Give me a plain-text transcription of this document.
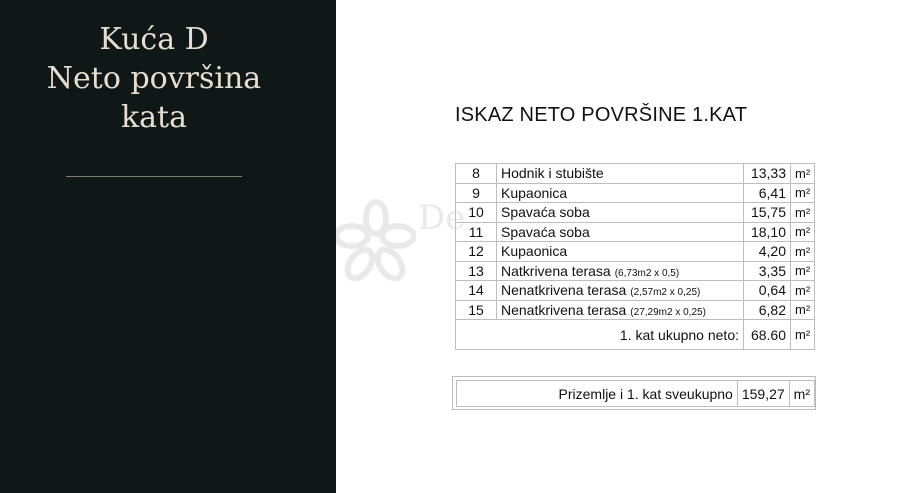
Kuća D
Neto površina
kata
De
ISKAZ NETO POVRŠINE 1.KAT
8	Hodnik i stubište	13,33	m²
9	Kupaonica	6,41	m²
10	Spavaća soba	15,75	m²
11	Spavaća soba	18,10	m²
12	Kupaonica	4,20	m²
13	Natkrivena terasa (6,73m2 x 0,5)	3,35	m²
14	Nenatkrivena terasa (2,57m2 x 0,25)	0,64	m²
15	Nenatkrivena terasa (27,29m2 x 0,25)	6,82	m²
1. kat ukupno neto:		68.60	m²
Prizemlje i 1. kat sveukupno	159,27	m²
